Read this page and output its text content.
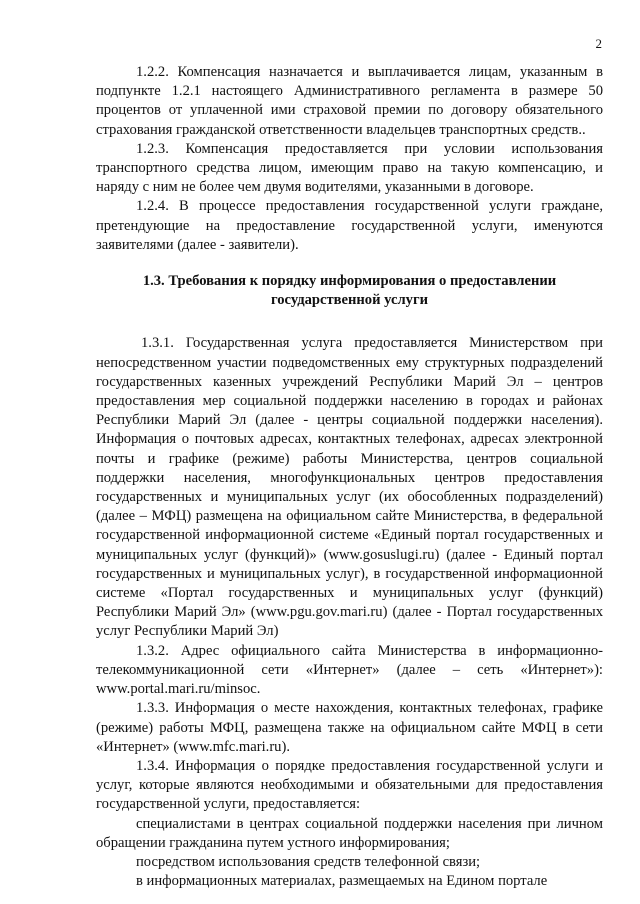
2

1.2.2. Компенсация назначается и выплачивается лицам, указанным в подпункте 1.2.1 настоящего Административного регламента в размере 50 процентов от уплаченной ими страховой премии по договору обязательного страхования гражданской ответственности владельцев транспортных средств..

1.2.3. Компенсация предоставляется при условии использования транспортного средства лицом, имеющим право на такую компенсацию, и наряду с ним не более чем двумя водителями, указанными в договоре.

1.2.4. В процессе предоставления государственной услуги граждане, претендующие на предоставление государственной услуги, именуются заявителями (далее - заявители).

1.3. Требования к порядку информирования о предоставлении
государственной услуги

1.3.1. Государственная услуга предоставляется Министерством при непосредственном участии подведомственных ему структурных подразделений государственных казенных учреждений Республики Марий Эл – центров предоставления мер социальной поддержки населению в городах и районах Республики Марий Эл (далее - центры социальной поддержки населения). Информация о почтовых адресах, контактных телефонах, адресах электронной почты и графике (режиме) работы Министерства, центров социальной поддержки населения, многофункциональных центров предоставления государственных и муниципальных услуг (их обособленных подразделений) (далее – МФЦ) размещена на официальном сайте Министерства, в федеральной государственной информационной системе «Единый портал государственных и муниципальных услуг (функций)» (www.gosuslugi.ru) (далее - Единый портал государственных и муниципальных услуг), в государственной информационной системе «Портал государственных и муниципальных услуг (функций) Республики Марий Эл» (www.pgu.gov.mari.ru) (далее - Портал государственных услуг Республики Марий Эл)

1.3.2. Адрес официального сайта Министерства в информационно-телекоммуникационной сети «Интернет» (далее – сеть «Интернет»): www.portal.mari.ru/minsoc.

1.3.3. Информация о месте нахождения, контактных телефонах, графике (режиме) работы МФЦ, размещена также на официальном сайте МФЦ в сети «Интернет» (www.mfc.mari.ru).

1.3.4. Информация о порядке предоставления государственной услуги и услуг, которые являются необходимыми и обязательными для предоставления государственной услуги, предоставляется:

специалистами в центрах социальной поддержки населения при личном обращении гражданина путем устного информирования;

посредством использования средств телефонной связи;

в информационных материалах, размещаемых на Едином портале
